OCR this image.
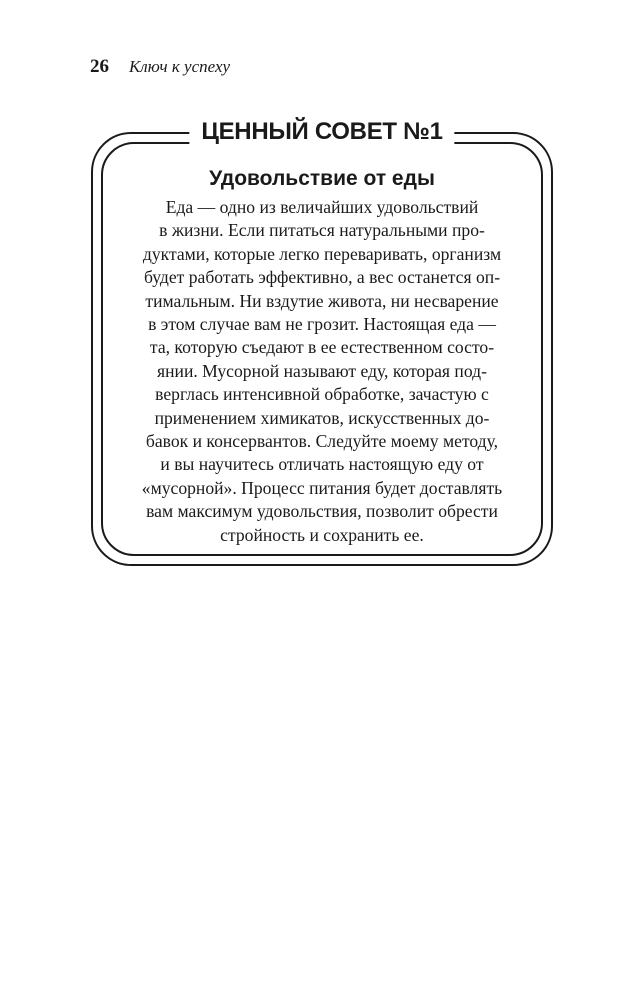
26 Ключ к успеху
ЦЕННЫЙ СОВЕТ №1
Удовольствие от еды
Еда — одно из величайших удовольствий
в жизни. Если питаться натуральными про-
дуктами, которые легко переваривать, организм
будет работать эффективно, а вес останется оп-
тимальным. Ни вздутие живота, ни несварение
в этом случае вам не грозит. Настоящая еда —
та, которую съедают в ее естественном состо-
янии. Мусорной называют еду, которая под-
верглась интенсивной обработке, зачастую с
применением химикатов, искусственных до-
бавок и консервантов. Следуйте моему методу,
и вы научитесь отличать настоящую еду от
«мусорной». Процесс питания будет доставлять
вам максимум удовольствия, позволит обрести
стройность и сохранить ее.
